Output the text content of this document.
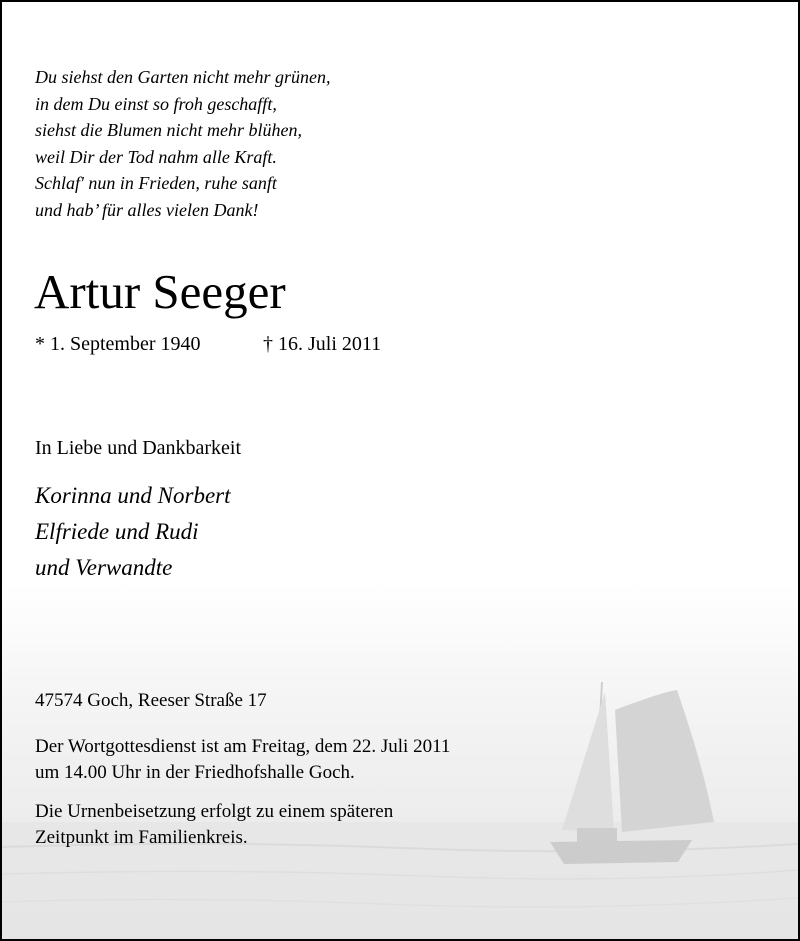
Du siehst den Garten nicht mehr grünen,
in dem Du einst so froh geschafft,
siehst die Blumen nicht mehr blühen,
weil Dir der Tod nahm alle Kraft.
Schlaf' nun in Frieden, ruhe sanft
und hab’ für alles vielen Dank!
Artur Seeger
* 1. September 1940	† 16. Juli 2011
In Liebe und Dankbarkeit
Korinna und Norbert
Elfriede und Rudi
und Verwandte
47574 Goch, Reeser Straße 17
Der Wortgottesdienst ist am Freitag, dem 22. Juli 2011
um 14.00 Uhr in der Friedhofshalle Goch.
Die Urnenbeisetzung erfolgt zu einem späteren
Zeitpunkt im Familienkreis.
